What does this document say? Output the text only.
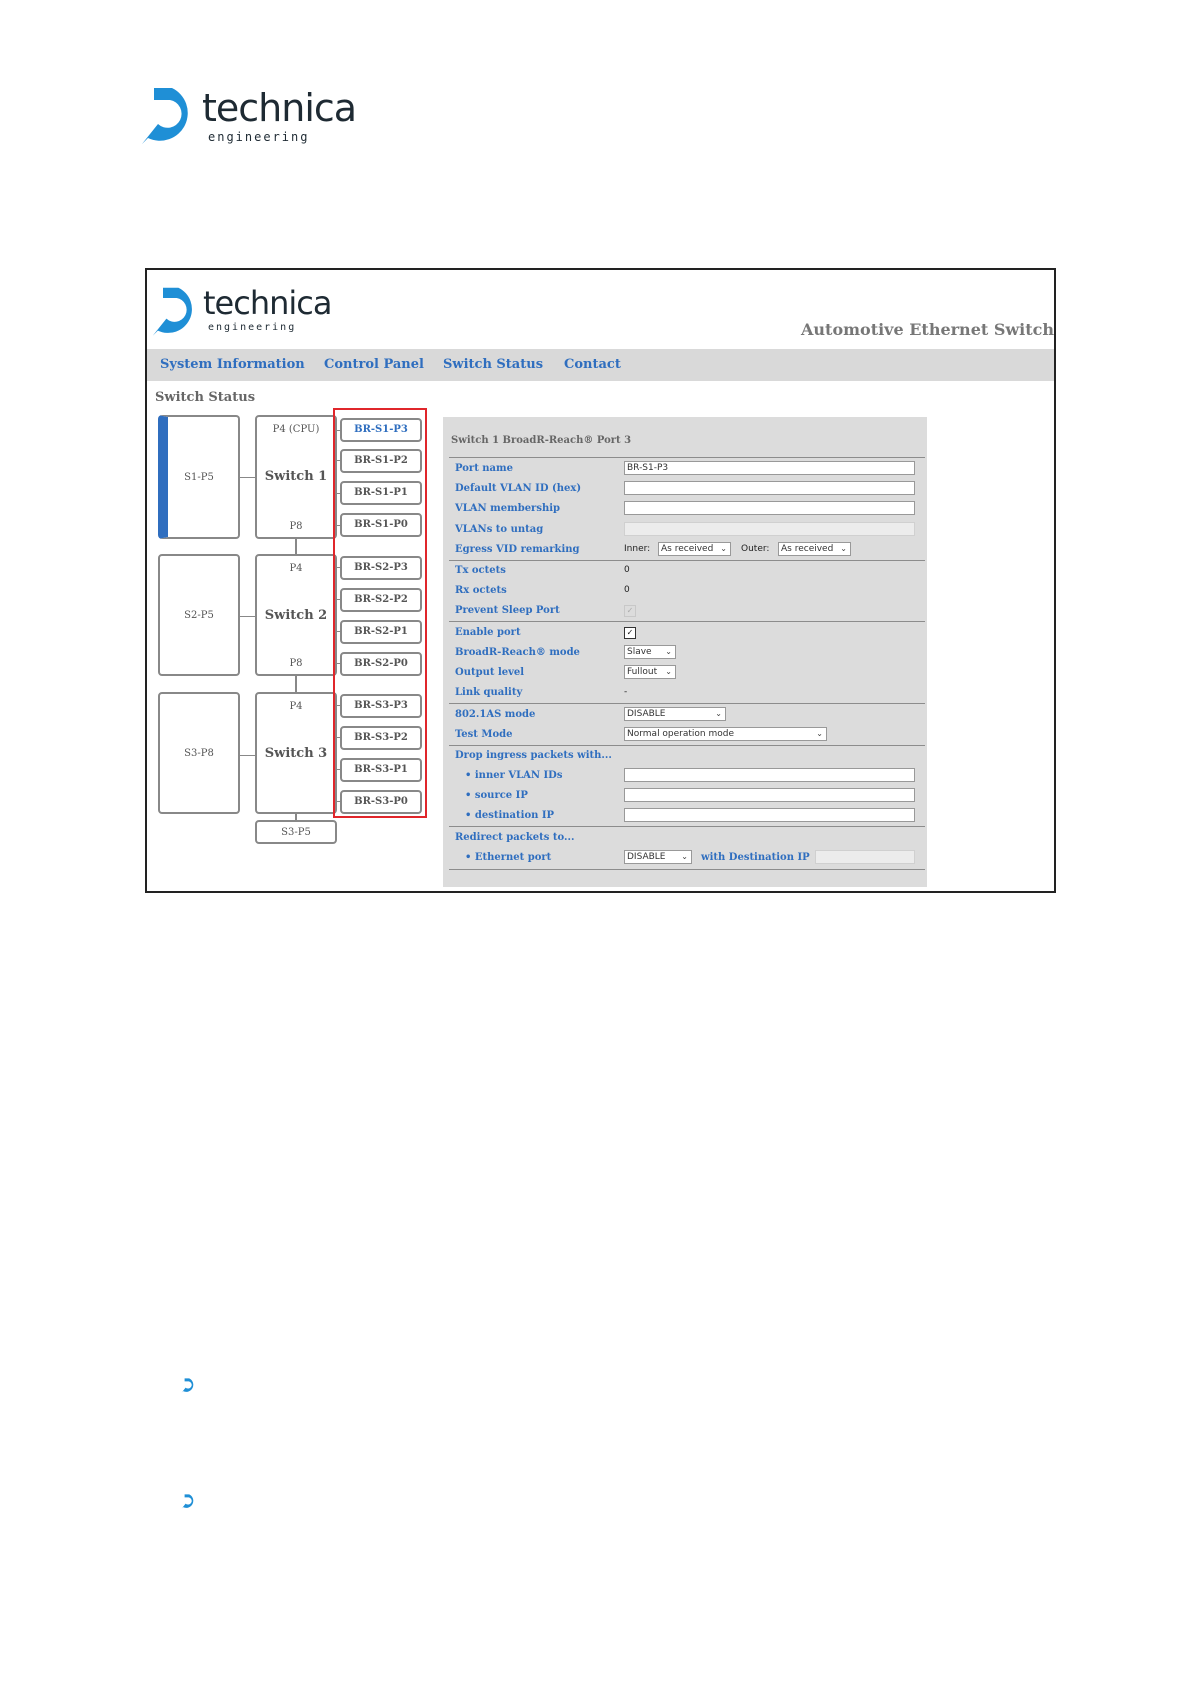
technica
engineering
technica
engineering	Automotive Ethernet Switch
System Information Control Panel Switch Status Contact
Switch Status
S1-P5
S2-P5
S3-P8
P4 (CPU)
Switch 1
P8
P4
Switch 2
P8
P4
Switch 3
S3-P5
BR-S1-P3
BR-S1-P2
BR-S1-P1
BR-S1-P0
BR-S2-P3
BR-S2-P2
BR-S2-P1
BR-S2-P0
BR-S3-P3
BR-S3-P2
BR-S3-P1
BR-S3-P0
Switch 1 BroadR-Reach® Port 3
Port name	BR-S1-P3
Default VLAN ID (hex)
VLAN membership
VLANs to untag
Egress VID remarking	Inner:	As received ⌄ Outer:	As received ⌄
Tx octets	0
Rx octets	0
Prevent Sleep Port	✓
Enable port	✓
BroadR-Reach® mode	Slave ⌄
Output level	Fullout ⌄
Link quality	-
802.1AS mode	DISABLE	⌄
Test Mode	Normal operation mode	⌄
Drop ingress packets with...
• inner VLAN IDs
• source IP
• destination IP
Redirect packets to...
• Ethernet port	DISABLE ⌄ with Destination IP
